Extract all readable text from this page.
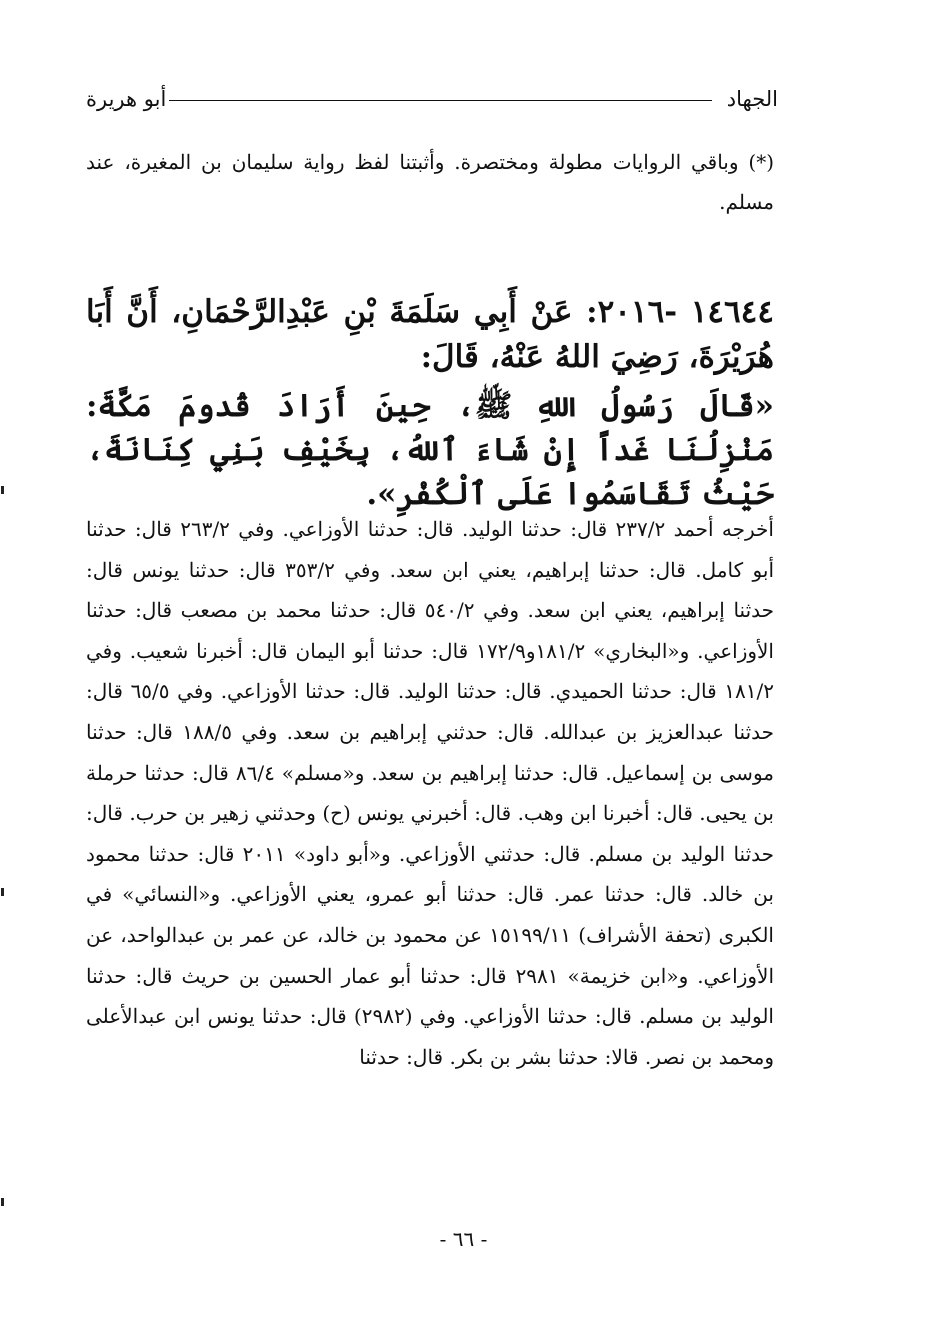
الجهاد
أبو هريرة
(*) وباقي الروايات مطولة ومختصرة. وأثبتنا لفظ رواية سليمان بن المغيرة، عند مسلم.

١٤٦٤٤ -٢٠١٦: عَنْ أَبِي سَلَمَةَ بْنِ عَبْدِالرَّحْمَانِ، أَنَّ أَبَا هُرَيْرَةَ، رَضِيَ اللهُ عَنْهُ، قَالَ:

«قَالَ رَسُولُ اللهِ ﷺ، حِينَ أَرَادَ قُدومَ مَكَّةَ: مَنْزِلُنَا غَداً إِنْ شَاءَ ٱللهُ، بِخَيْفِ بَنِي كِنَانَةَ، حَيْثُ تَقَاسَمُوا عَلَى ٱلْكُفْرِ».

أخرجه أحمد ٢٣٧/٢ قال: حدثنا الوليد. قال: حدثنا الأوزاعي. وفي ٢٦٣/٢ قال: حدثنا أبو كامل. قال: حدثنا إبراهيم، يعني ابن سعد. وفي ٣٥٣/٢ قال: حدثنا يونس قال: حدثنا إبراهيم، يعني ابن سعد. وفي ٥٤٠/٢ قال: حدثنا محمد بن مصعب قال: حدثنا الأوزاعي. و«البخاري» ١٨١/٢و١٧٢/٩ قال: حدثنا أبو اليمان قال: أخبرنا شعيب. وفي ١٨١/٢ قال: حدثنا الحميدي. قال: حدثنا الوليد. قال: حدثنا الأوزاعي. وفي ٦٥/٥ قال: حدثنا عبدالعزيز بن عبدالله. قال: حدثني إبراهيم بن سعد. وفي ١٨٨/٥ قال: حدثنا موسى بن إسماعيل. قال: حدثنا إبراهيم بن سعد. و«مسلم» ٨٦/٤ قال: حدثنا حرملة بن يحيى. قال: أخبرنا ابن وهب. قال: أخبرني يونس (ح) وحدثني زهير بن حرب. قال: حدثنا الوليد بن مسلم. قال: حدثني الأوزاعي. و«أبو داود» ٢٠١١ قال: حدثنا محمود بن خالد. قال: حدثنا عمر. قال: حدثنا أبو عمرو، يعني الأوزاعي. و«النسائي» في الكبرى (تحفة الأشراف) ١٥١٩٩/١١ عن محمود بن خالد، عن عمر بن عبدالواحد، عن الأوزاعي. و«ابن خزيمة» ٢٩٨١ قال: حدثنا أبو عمار الحسين بن حريث قال: حدثنا الوليد بن مسلم. قال: حدثنا الأوزاعي. وفي (٢٩٨٢) قال: حدثنا يونس ابن عبدالأعلى ومحمد بن نصر. قالا: حدثنا بشر بن بكر. قال: حدثنا

- ٦٦ -
